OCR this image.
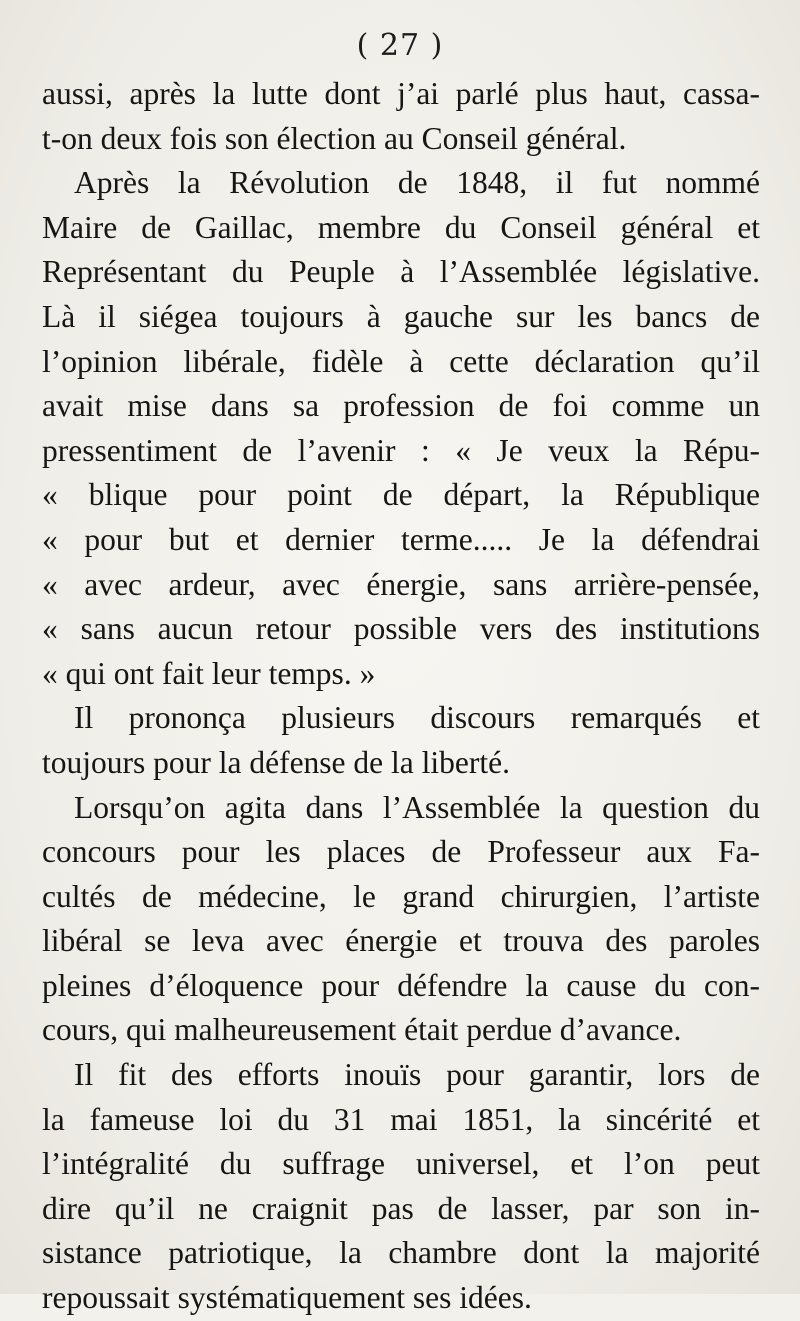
( 27 )
aussi, après la lutte dont j’ai parlé plus haut, cassa-
t-on deux fois son élection au Conseil général.
Après la Révolution de 1848, il fut nommé
Maire de Gaillac, membre du Conseil général et
Représentant du Peuple à l’Assemblée législative.
Là il siégea toujours à gauche sur les bancs de
l’opinion libérale, fidèle à cette déclaration qu’il
avait mise dans sa profession de foi comme un
pressentiment de l’avenir : « Je veux la Répu-
« blique pour point de départ, la République
« pour but et dernier terme..... Je la défendrai
« avec ardeur, avec énergie, sans arrière-pensée,
« sans aucun retour possible vers des institutions
« qui ont fait leur temps. »
Il prononça plusieurs discours remarqués et
toujours pour la défense de la liberté.
Lorsqu’on agita dans l’Assemblée la question du
concours pour les places de Professeur aux Fa-
cultés de médecine, le grand chirurgien, l’artiste
libéral se leva avec énergie et trouva des paroles
pleines d’éloquence pour défendre la cause du con-
cours, qui malheureusement était perdue d’avance.
Il fit des efforts inouïs pour garantir, lors de
la fameuse loi du 31 mai 1851, la sincérité et
l’intégralité du suffrage universel, et l’on peut
dire qu’il ne craignit pas de lasser, par son in-
sistance patriotique, la chambre dont la majorité
repoussait systématiquement ses idées.
